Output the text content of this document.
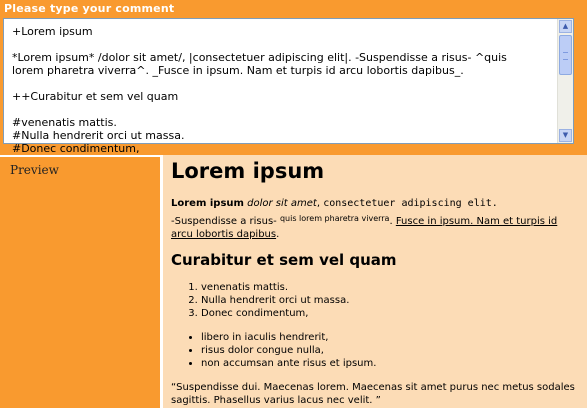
Please type your comment
+Lorem ipsum

*Lorem ipsum* /dolor sit amet/, |consectetuer adipiscing elit|. -Suspendisse a risus- ^quis
lorem pharetra viverra^. _Fusce in ipsum. Nam et turpis id arcu lobortis dapibus_.

++Curabitur et sem vel quam

#venenatis mattis.
#Nulla hendrerit orci ut massa.
#Donec condimentum,
▲
▼
Preview	Lorem ipsum
Lorem ipsum dolor sit amet, consectetuer adipiscing elit.
-Suspendisse a risus- $^{quis lorem pharetra viverra}$. Fusce in ipsum. Nam et turpis id arcu lobortis dapibus.
Curabitur et sem vel quam
1. venenatis mattis.
2. Nulla hendrerit orci ut massa.
3. Donec condimentum,
• libero in iaculis hendrerit,
• risus dolor congue nulla,
• non accumsan ante risus et ipsum.
“Suspendisse dui. Maecenas lorem. Maecenas sit amet purus nec metus sodales sagittis. Phasellus varius lacus nec velit. ”
